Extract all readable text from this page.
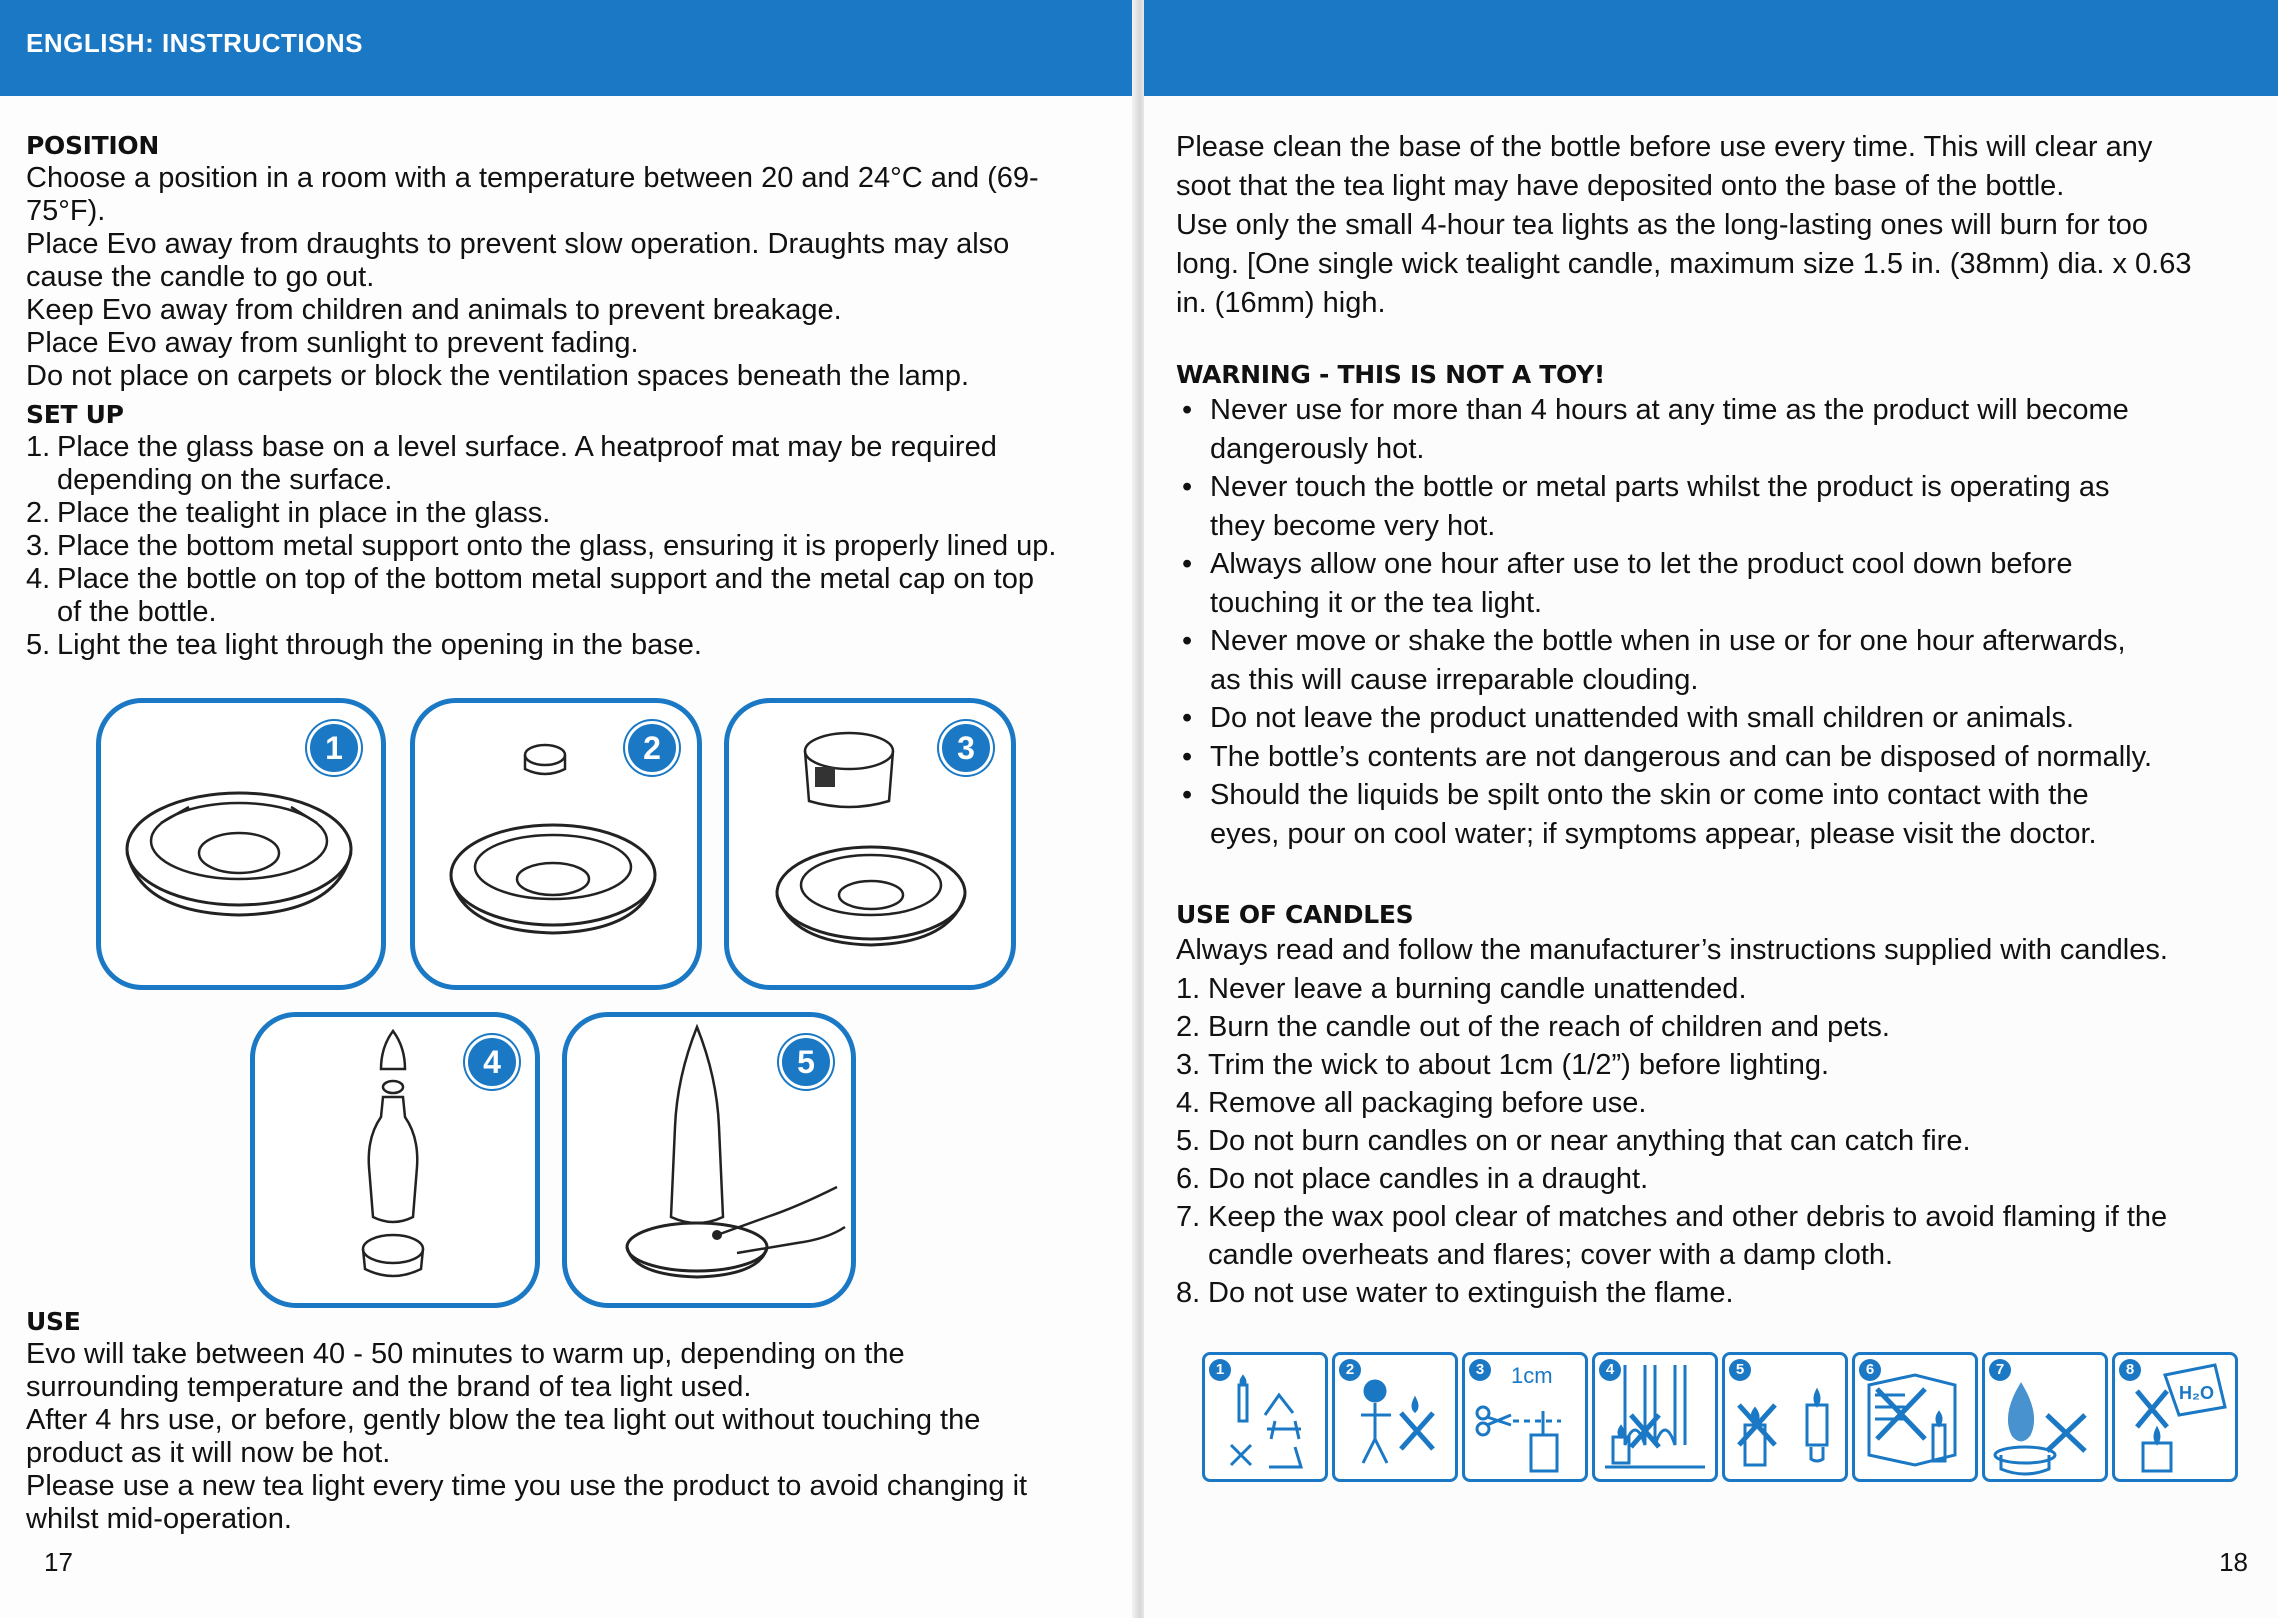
ENGLISH: INSTRUCTIONS
POSITION

Choose a position in a room with a temperature between 20 and 24°C and (69-

75°F).

Place Evo away from draughts to prevent slow operation. Draughts may also

cause the candle to go out.

Keep Evo away from children and animals to prevent breakage.

Place Evo away from sunlight to prevent fading.

Do not place on carpets or block the ventilation spaces beneath the lamp.

SET UP
1. Place the glass base on a level surface. A heatproof mat may be required
depending on the surface.
2. Place the tealight in place in the glass.
3. Place the bottom metal support onto the glass, ensuring it is properly lined up.
4. Place the bottle on top of the bottom metal support and the metal cap on top
of the bottle.
5. Light the tea light through the opening in the base.
1	2	3
4	5
USE

Evo will take between 40 - 50 minutes to warm up, depending on the

surrounding temperature and the brand of tea light used.

After 4 hrs use, or before, gently blow the tea light out without touching the

product as it will now be hot.

Please use a new tea light every time you use the product to avoid changing it

whilst mid-operation.

17

Please clean the base of the bottle before use every time. This will clear any

soot that the tea light may have deposited onto the base of the bottle.

Use only the small 4-hour tea lights as the long-lasting ones will burn for too

long. [One single wick tealight candle, maximum size 1.5 in. (38mm) dia. x 0.63

in. (16mm) high.

WARNING - THIS IS NOT A TOY!
• Never use for more than 4 hours at any time as the product will become
dangerously hot.
• Never touch the bottle or metal parts whilst the product is operating as
they become very hot.
• Always allow one hour after use to let the product cool down before
touching it or the tea light.
• Never move or shake the bottle when in use or for one hour afterwards,
as this will cause irreparable clouding.
• Do not leave the product unattended with small children or animals.
• The bottle’s contents are not dangerous and can be disposed of normally.
• Should the liquids be spilt onto the skin or come into contact with the
eyes, pour on cool water; if symptoms appear, please visit the doctor.
USE OF CANDLES

Always read and follow the manufacturer’s instructions supplied with candles.

1. Never leave a burning candle unattended.
2. Burn the candle out of the reach of children and pets.
3. Trim the wick to about 1cm (1/2”) before lighting.
4. Remove all packaging before use.
5. Do not burn candles on or near anything that can catch fire.
6. Do not place candles in a draught.
7. Keep the wax pool clear of matches and other debris to avoid flaming if the
candle overheats and flares; cover with a damp cloth.
8. Do not use water to extinguish the flame.
1	2	3	1cm	4	5	6	7	8
H₂O
18
